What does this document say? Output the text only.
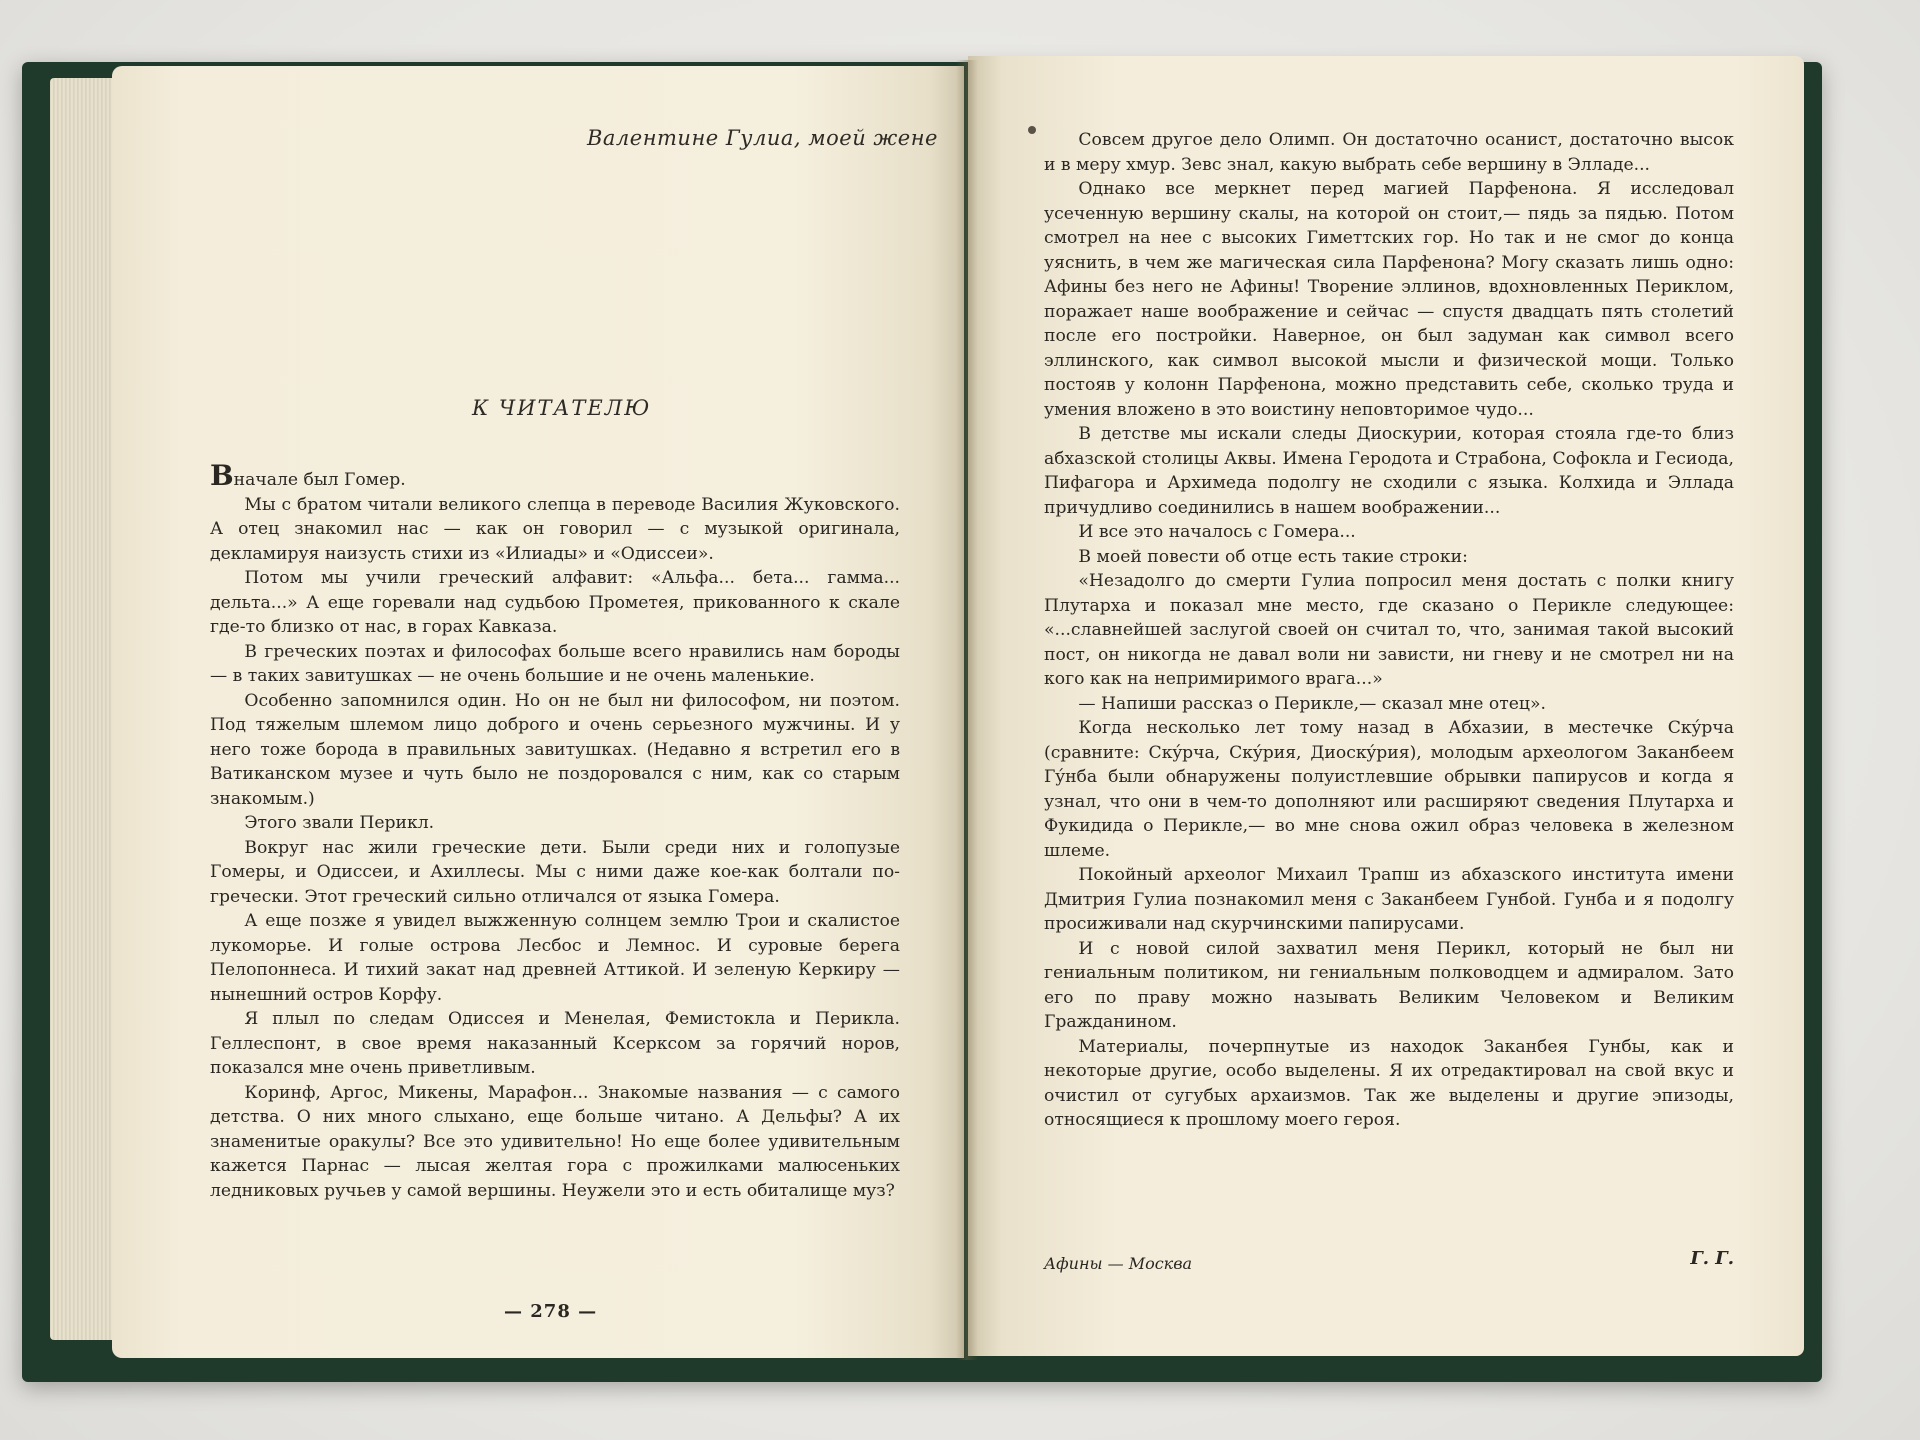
Валентине Гулиа, моей жене
К ЧИТАТЕЛЮ

Вначале был Гомер.

Мы с братом читали великого слепца в переводе Василия Жуковского. А отец знакомил нас — как он говорил — с музыкой оригинала, декламируя наизусть стихи из «Илиады» и «Одиссеи».

Потом мы учили греческий алфавит: «Альфа... бета... гамма... дельта...» А еще горевали над судьбою Прометея, прикованного к скале где-то близко от нас, в горах Кавказа.

В греческих поэтах и философах больше всего нравились нам бороды — в таких завитушках — не очень большие и не очень маленькие.

Особенно запомнился один. Но он не был ни философом, ни поэтом. Под тяжелым шлемом лицо доброго и очень серьезного мужчины. И у него тоже борода в правильных завитушках. (Недавно я встретил его в Ватиканском музее и чуть было не поздоровался с ним, как со старым знакомым.)

Этого звали Перикл.

Вокруг нас жили греческие дети. Были среди них и голопузые Гомеры, и Одиссеи, и Ахиллесы. Мы с ними даже кое-как болтали по-гречески. Этот греческий сильно отличался от языка Гомера.

А еще позже я увидел выжженную солнцем землю Трои и скалистое лукоморье. И голые острова Лесбос и Лемнос. И суровые берега Пелопоннеса. И тихий закат над древней Аттикой. И зеленую Керкиру — нынешний остров Корфу.

Я плыл по следам Одиссея и Менелая, Фемистокла и Перикла. Геллеспонт, в свое время наказанный Ксерксом за горячий норов, показался мне очень приветливым.

Коринф, Аргос, Микены, Марафон... Знакомые названия — с самого детства. О них много слыхано, еще больше читано. А Дельфы? А их знаменитые оракулы? Все это удивительно! Но еще более удивительным кажется Парнас — лысая желтая гора с прожилками малюсеньких ледниковых ручьев у самой вершины. Неужели это и есть обиталище муз?

— 278 —

Совсем другое дело Олимп. Он достаточно осанист, достаточно высок и в меру хмур. Зевс знал, какую выбрать себе вершину в Элладе...

Однако все меркнет перед магией Парфенона. Я исследовал усеченную вершину скалы, на которой он стоит,— пядь за пядью. Потом смотрел на нее с высоких Гиметтских гор. Но так и не смог до конца уяснить, в чем же магическая сила Парфенона? Могу сказать лишь одно: Афины без него не Афины! Творение эллинов, вдохновленных Периклом, поражает наше воображение и сейчас — спустя двадцать пять столетий после его постройки. Наверное, он был задуман как символ всего эллинского, как символ высокой мысли и физической мощи. Только постояв у колонн Парфенона, можно представить себе, сколько труда и умения вложено в это воистину неповторимое чудо...

В детстве мы искали следы Диоскурии, которая стояла где-то близ абхазской столицы Аквы. Имена Геродота и Страбона, Софокла и Гесиода, Пифагора и Архимеда подолгу не сходили с языка. Колхида и Эллада причудливо соединились в нашем воображении...

И все это началось с Гомера...

В моей повести об отце есть такие строки:

«Незадолго до смерти Гулиа попросил меня достать с полки книгу Плутарха и показал мне место, где сказано о Перикле следующее: «...славнейшей заслугой своей он считал то, что, занимая такой высокий пост, он никогда не давал воли ни зависти, ни гневу и не смотрел ни на кого как на непримиримого врага...»

— Напиши рассказ о Перикле,— сказал мне отец».

Когда несколько лет тому назад в Абхазии, в местечке Скýрча (сравните: Скýрча, Скýрия, Диоскýрия), молодым археологом Заканбеем Гýнба были обнаружены полуистлевшие обрывки папирусов и когда я узнал, что они в чем-то дополняют или расширяют сведения Плутарха и Фукидида о Перикле,— во мне снова ожил образ человека в железном шлеме.

Покойный археолог Михаил Трапш из абхазского института имени Дмитрия Гулиа познакомил меня с Заканбеем Гунбой. Гунба и я подолгу просиживали над скурчинскими папирусами.

И с новой силой захватил меня Перикл, который не был ни гениальным политиком, ни гениальным полководцем и адмиралом. Зато его по праву можно называть Великим Человеком и Великим Гражданином.

Материалы, почерпнутые из находок Заканбея Гунбы, как и некоторые другие, особо выделены. Я их отредактировал на свой вкус и очистил от сугубых архаизмов. Так же выделены и другие эпизоды, относящиеся к прошлому моего героя.

Афины — Москва	Г. Г.
